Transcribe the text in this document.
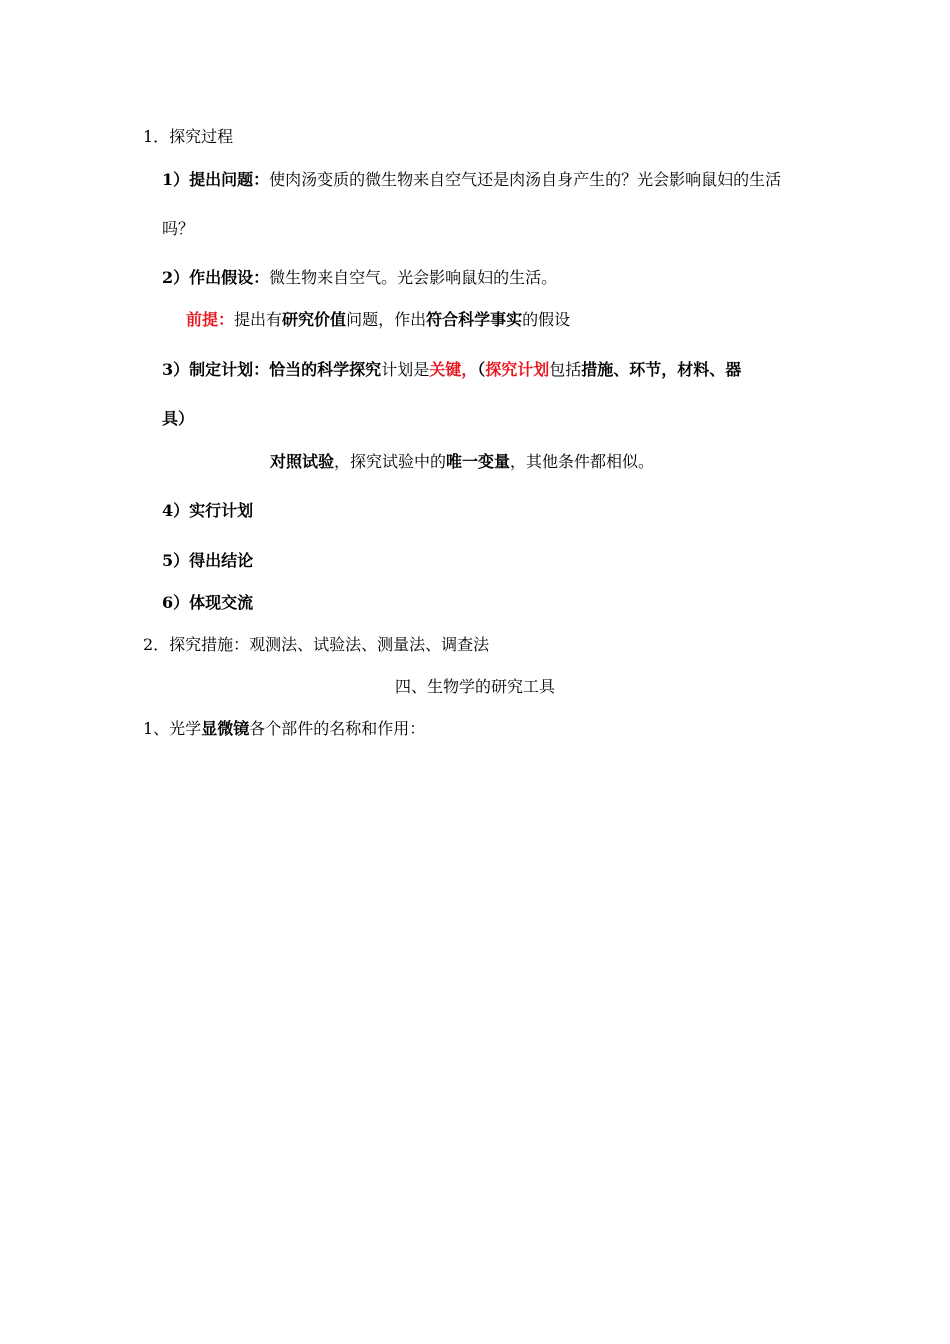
1．探究过程
1）提出问题：使肉汤变质的微生物来自空气还是肉汤自身产生的？光会影响鼠妇的生活
吗？
2）作出假设：微生物来自空气。光会影响鼠妇的生活。
前提：提出有研究价值问题，作出符合科学事实的假设
3）制定计划：恰当的科学探究计划是关键，（探究计划包括措施、环节，材料、器
具）
对照试验，探究试验中的唯一变量，其他条件都相似。
4）实行计划
5）得出结论
6）体现交流
2．探究措施：观测法、试验法、测量法、调查法
四、生物学的研究工具
1、光学显微镜各个部件的名称和作用：
